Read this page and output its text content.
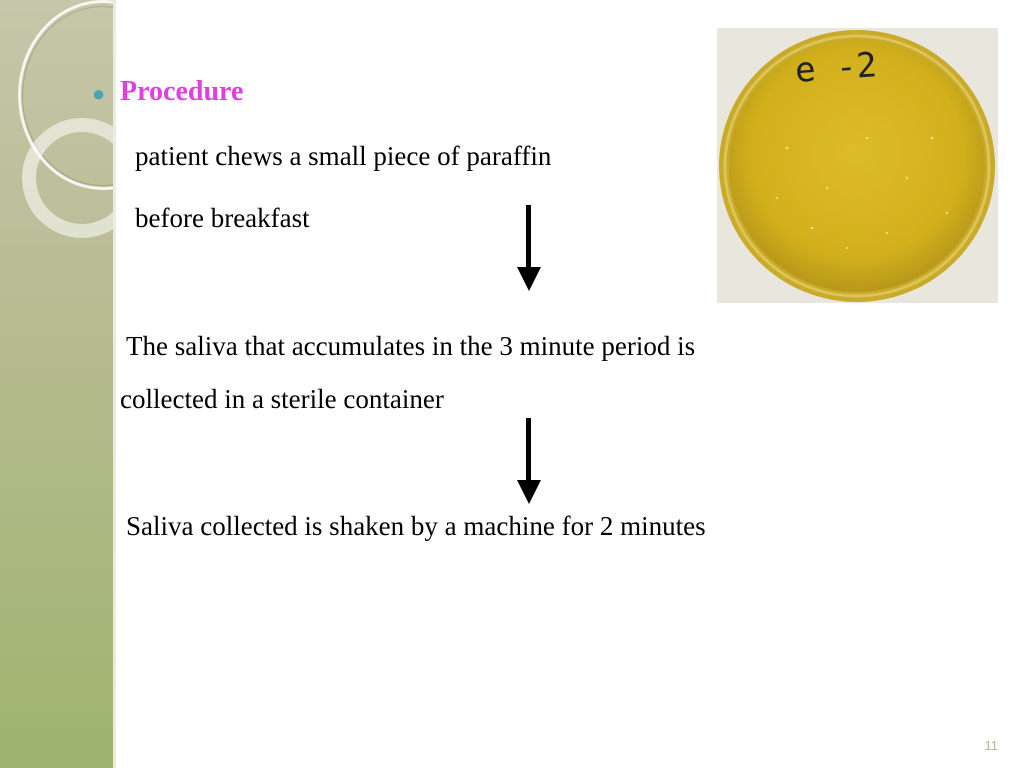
● Procedure
patient chews a small piece of paraffin
before breakfast
The saliva that accumulates in the 3 minute period is
collected in a sterile container
Saliva collected is shaken by a machine for 2 minutes
e -2
11
